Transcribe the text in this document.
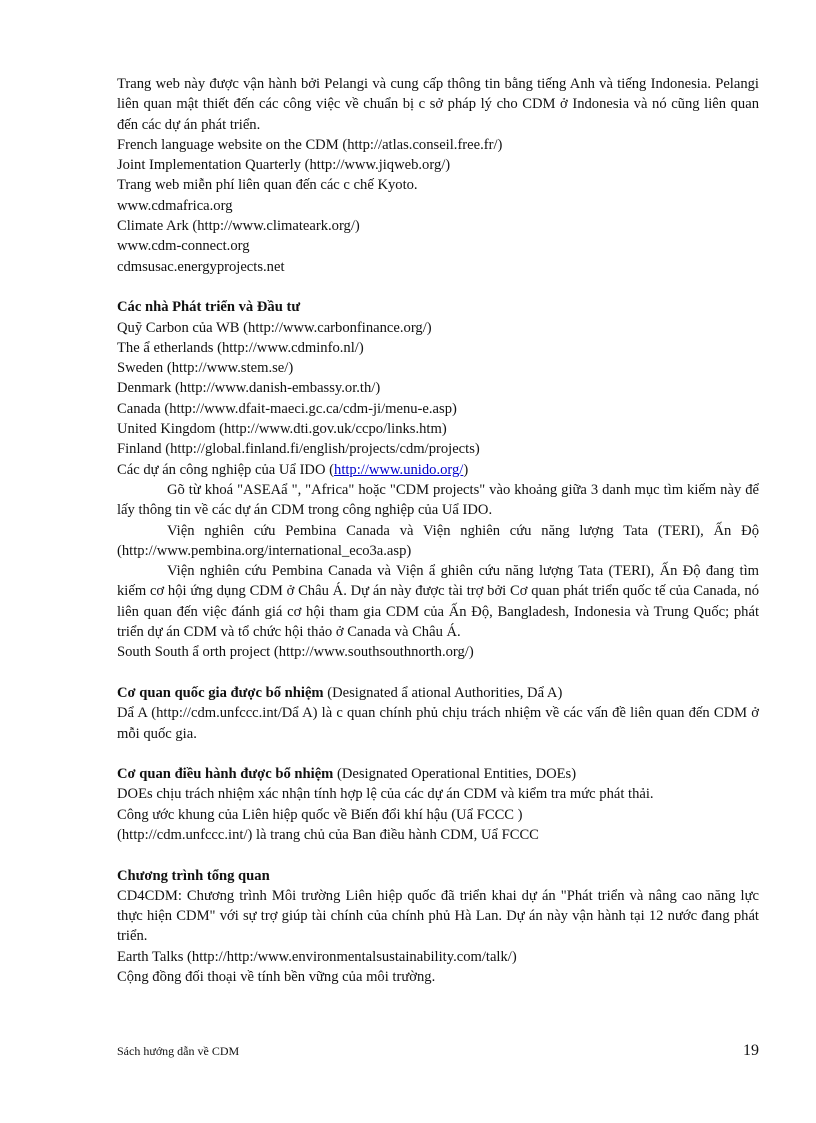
Trang web này được vận hành bởi Pelangi và cung cấp thông tin bằng tiếng Anh và tiếng Indonesia. Pelangi liên quan mật thiết đến các công việc về chuẩn bị c sở pháp lý cho CDM ở Indonesia và nó cũng liên quan đến các dự án phát triển.

French language website on the CDM (http://atlas.conseil.free.fr/)

Joint Implementation Quarterly (http://www.jiqweb.org/)

Trang web miễn phí liên quan đến các c chế Kyoto.

www.cdmafrica.org

Climate Ark (http://www.climateark.org/)

www.cdm-connect.org

cdmsusac.energyprojects.net

Các nhà Phát triển và Đầu tư

Quỹ Carbon của WB (http://www.carbonfinance.org/)

The ẩ etherlands (http://www.cdminfo.nl/)

Sweden (http://www.stem.se/)

Denmark (http://www.danish-embassy.or.th/)

Canada (http://www.dfait-maeci.gc.ca/cdm-ji/menu-e.asp)

United Kingdom (http://www.dti.gov.uk/ccpo/links.htm)

Finland (http://global.finland.fi/english/projects/cdm/projects)

Các dự án công nghiệp của Uẩ IDO (http://www.unido.org/)

Gõ từ khoá "ASEAẩ ", "Africa" hoặc "CDM projects" vào khoảng giữa 3 danh mục tìm kiếm này để lấy thông tin về các dự án CDM trong công nghiệp của Uẩ IDO.

Viện nghiên cứu Pembina Canada và Viện nghiên cứu năng lượng Tata (TERI), Ấn Độ (http://www.pembina.org/international_eco3a.asp)

Viện nghiên cứu Pembina Canada và Viện ẩ ghiên cứu năng lượng Tata (TERI), Ấn Độ đang tìm kiếm cơ hội ứng dụng CDM ở Châu Á. Dự án này được tài trợ bởi Cơ quan phát triển quốc tế của Canada, nó liên quan đến việc đánh giá cơ hội tham gia CDM của Ấn Độ, Bangladesh, Indonesia và Trung Quốc; phát triển dự án CDM và tổ chức hội thảo ở Canada và Châu Á.

South South ẩ orth project (http://www.southsouthnorth.org/)

Cơ quan quốc gia được bổ nhiệm (Designated ẩ ational Authorities, Dẩ A)

Dẩ A (http://cdm.unfccc.int/Dẩ A) là c quan chính phủ chịu trách nhiệm về các vấn đề liên quan đến CDM ở mỗi quốc gia.

Cơ quan điều hành được bổ nhiệm (Designated Operational Entities, DOEs)

DOEs chịu trách nhiệm xác nhận tính hợp lệ của các dự án CDM và kiểm tra mức phát thải.

Công ước khung của Liên hiệp quốc về Biến đổi khí hậu (Uẩ FCCC )

(http://cdm.unfccc.int/) là trang chủ của Ban điều hành CDM, Uẩ FCCC

Chương trình tổng quan

CD4CDM: Chương trình Môi trường Liên hiệp quốc đã triển khai dự án "Phát triển và nâng cao năng lực thực hiện CDM" với sự trợ giúp tài chính của chính phủ Hà Lan. Dự án này vận hành tại 12 nước đang phát triển.

Earth Talks (http://http:/www.environmentalsustainability.com/talk/)

Cộng đồng đối thoại về tính bền vững của môi trường.

Sách hướng dẫn về CDM	19
